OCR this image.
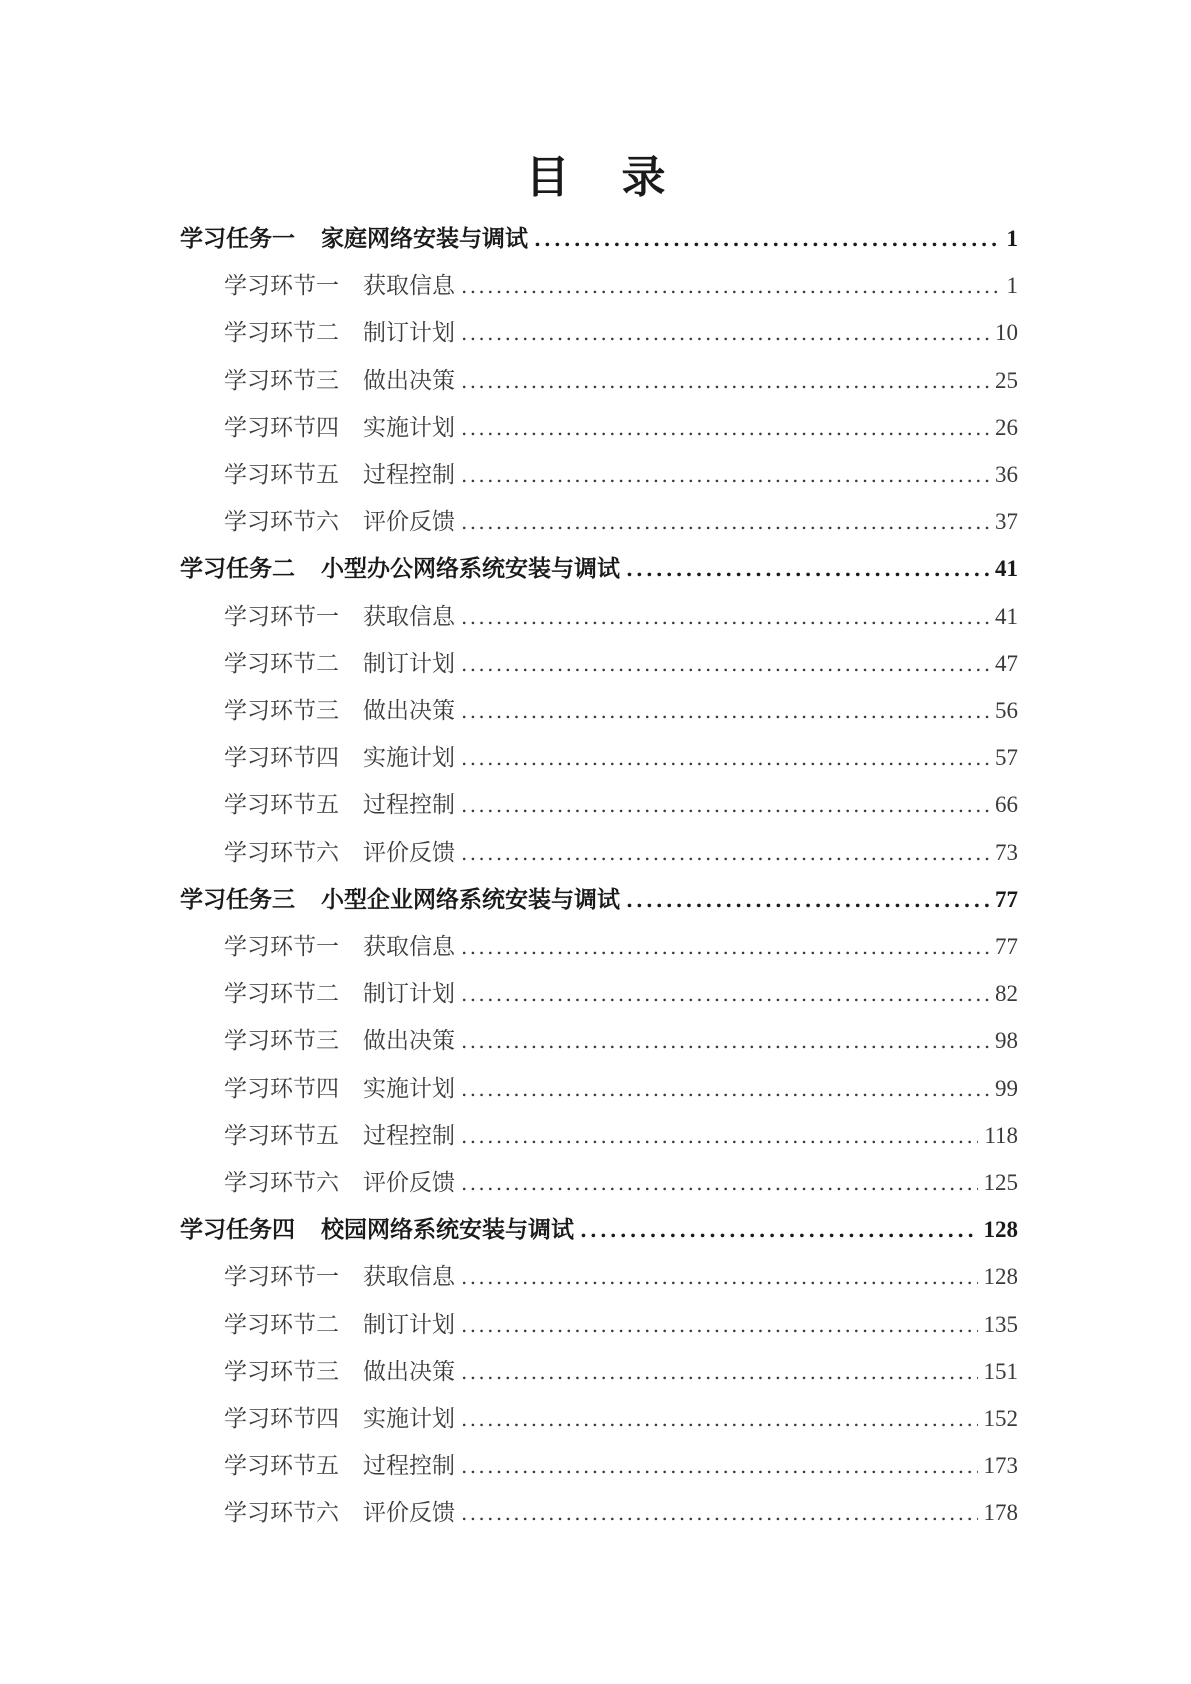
目 录
学习任务一 家庭网络安装与调试 . . .	1
学习环节一 获取信息 . . .	1
学习环节二 制订计划 . . .	10
学习环节三 做出决策 . . .	25
学习环节四 实施计划 . . .	26
学习环节五 过程控制 . . .	36
学习环节六 评价反馈 . . .	37
学习任务二 小型办公网络系统安装与调试 . . .	41
学习环节一 获取信息 . . .	41
学习环节二 制订计划 . . .	47
学习环节三 做出决策 . . .	56
学习环节四 实施计划 . . .	57
学习环节五 过程控制 . . .	66
学习环节六 评价反馈 . . .	73
学习任务三 小型企业网络系统安装与调试 . . .	77
学习环节一 获取信息 . . .	77
学习环节二 制订计划 . . .	82
学习环节三 做出决策 . . .	98
学习环节四 实施计划 . . .	99
学习环节五 过程控制 . . .	118
学习环节六 评价反馈 . . .	125
学习任务四 校园网络系统安装与调试 . . .	128
学习环节一 获取信息 . . .	128
学习环节二 制订计划 . . .	135
学习环节三 做出决策 . . .	151
学习环节四 实施计划 . . .	152
学习环节五 过程控制 . . .	173
学习环节六 评价反馈 . . .	178
